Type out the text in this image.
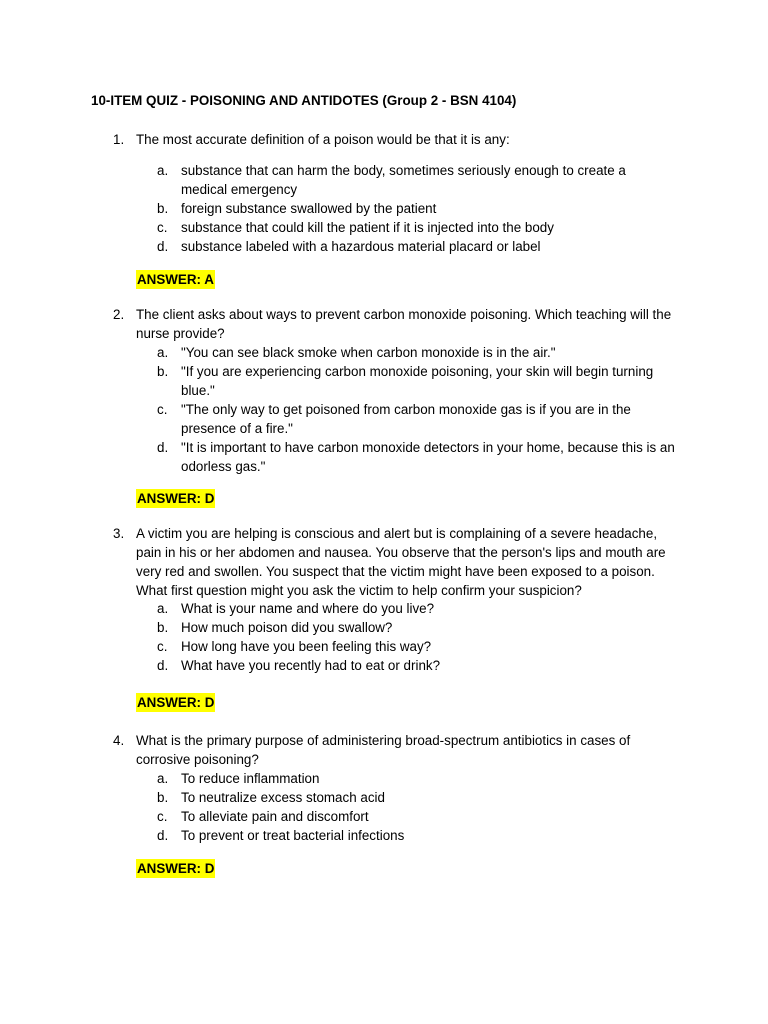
10-ITEM QUIZ - POISONING AND ANTIDOTES (Group 2 - BSN 4104)
1. The most accurate definition of a poison would be that it is any:
a. substance that can harm the body, sometimes seriously enough to create a medical emergency
b. foreign substance swallowed by the patient
c.	substance that could kill the patient if it is injected into the body
d. substance labeled with a hazardous material placard or label
ANSWER: A
2. The client asks about ways to prevent carbon monoxide poisoning. Which teaching will the nurse provide?
a. "You can see black smoke when carbon monoxide is in the air."
b. "If you are experiencing carbon monoxide poisoning, your skin will begin turning blue."
c.	"The only way to get poisoned from carbon monoxide gas is if you are in the presence of a fire."
d. "It is important to have carbon monoxide detectors in your home, because this is an odorless gas."
ANSWER: D
3. A victim you are helping is conscious and alert but is complaining of a severe headache, pain in his or her abdomen and nausea. You observe that the person's lips and mouth are very red and swollen. You suspect that the victim might have been exposed to a poison. What first question might you ask the victim to help confirm your suspicion?
a. What is your name and where do you live?
b. How much poison did you swallow?
c.	How long have you been feeling this way?
d. What have you recently had to eat or drink?
ANSWER: D
4. What is the primary purpose of administering broad-spectrum antibiotics in cases of corrosive poisoning?
a. To reduce inflammation
b. To neutralize excess stomach acid
c.	To alleviate pain and discomfort
d. To prevent or treat bacterial infections
ANSWER: D
